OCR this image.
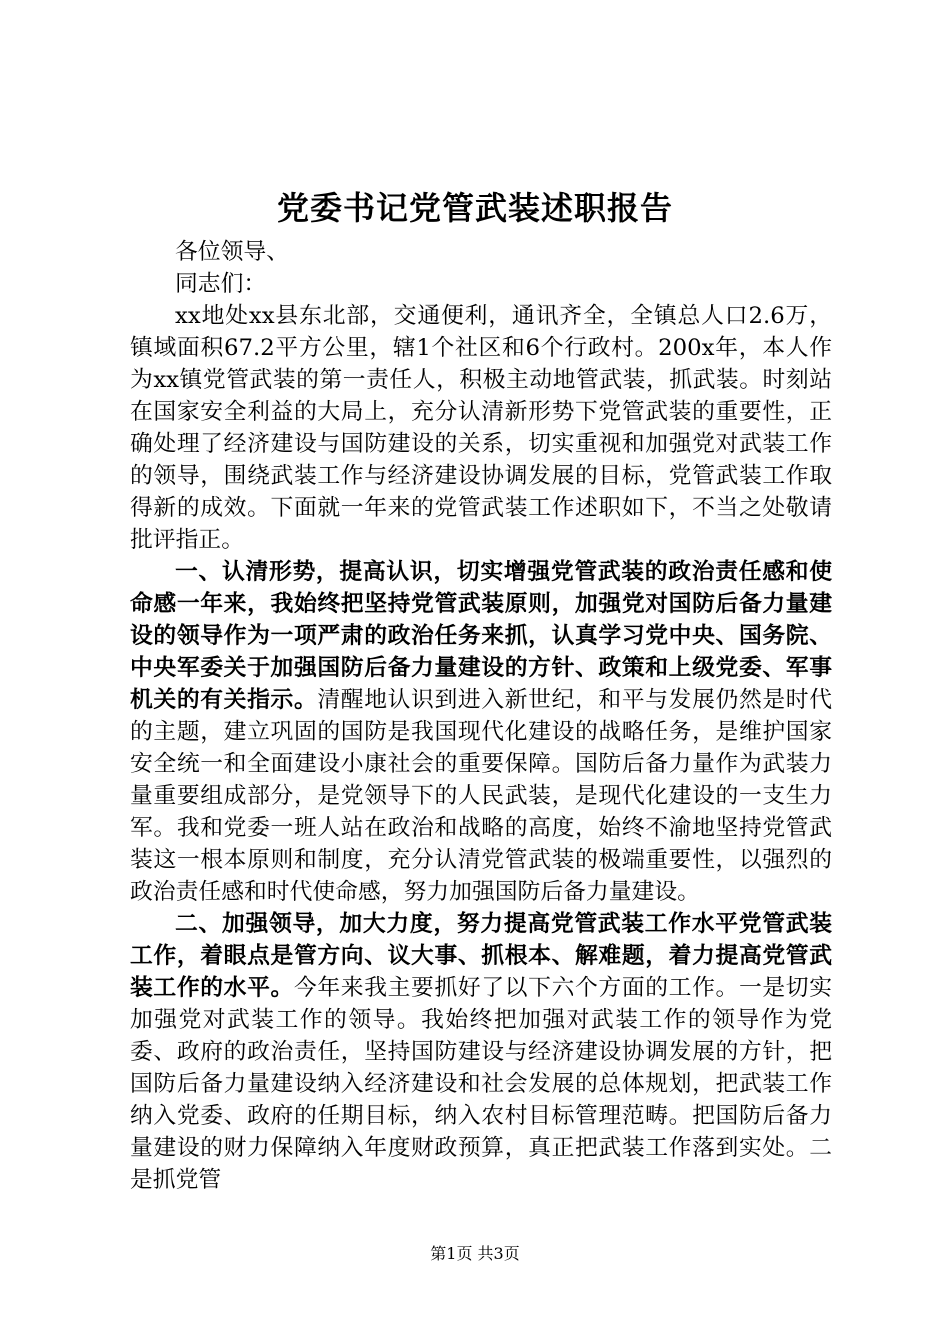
党委书记党管武装述职报告

各位领导、

同志们：

xx地处xx县东北部，交通便利，通讯齐全，全镇总人口2.6万，镇域面积67.2平方公里，辖1个社区和6个行政村。200x年，本人作为xx镇党管武装的第一责任人，积极主动地管武装，抓武装。时刻站在国家安全利益的大局上，充分认清新形势下党管武装的重要性，正确处理了经济建设与国防建设的关系，切实重视和加强党对武装工作的领导，围绕武装工作与经济建设协调发展的目标，党管武装工作取得新的成效。下面就一年来的党管武装工作述职如下，不当之处敬请批评指正。

一、认清形势，提高认识，切实增强党管武装的政治责任感和使命感一年来，我始终把坚持党管武装原则，加强党对国防后备力量建设的领导作为一项严肃的政治任务来抓，认真学习党中央、国务院、中央军委关于加强国防后备力量建设的方针、政策和上级党委、军事机关的有关指示。清醒地认识到进入新世纪，和平与发展仍然是时代的主题，建立巩固的国防是我国现代化建设的战略任务，是维护国家安全统一和全面建设小康社会的重要保障。国防后备力量作为武装力量重要组成部分，是党领导下的人民武装，是现代化建设的一支生力军。我和党委一班人站在政治和战略的高度，始终不渝地坚持党管武装这一根本原则和制度，充分认清党管武装的极端重要性，以强烈的政治责任感和时代使命感，努力加强国防后备力量建设。

二、加强领导，加大力度，努力提高党管武装工作水平党管武装工作，着眼点是管方向、议大事、抓根本、解难题，着力提高党管武装工作的水平。今年来我主要抓好了以下六个方面的工作。一是切实加强党对武装工作的领导。我始终把加强对武装工作的领导作为党委、政府的政治责任，坚持国防建设与经济建设协调发展的方针，把国防后备力量建设纳入经济建设和社会发展的总体规划，把武装工作纳入党委、政府的任期目标，纳入农村目标管理范畴。把国防后备力量建设的财力保障纳入年度财政预算，真正把武装工作落到实处。二是抓党管

第1页 共3页
